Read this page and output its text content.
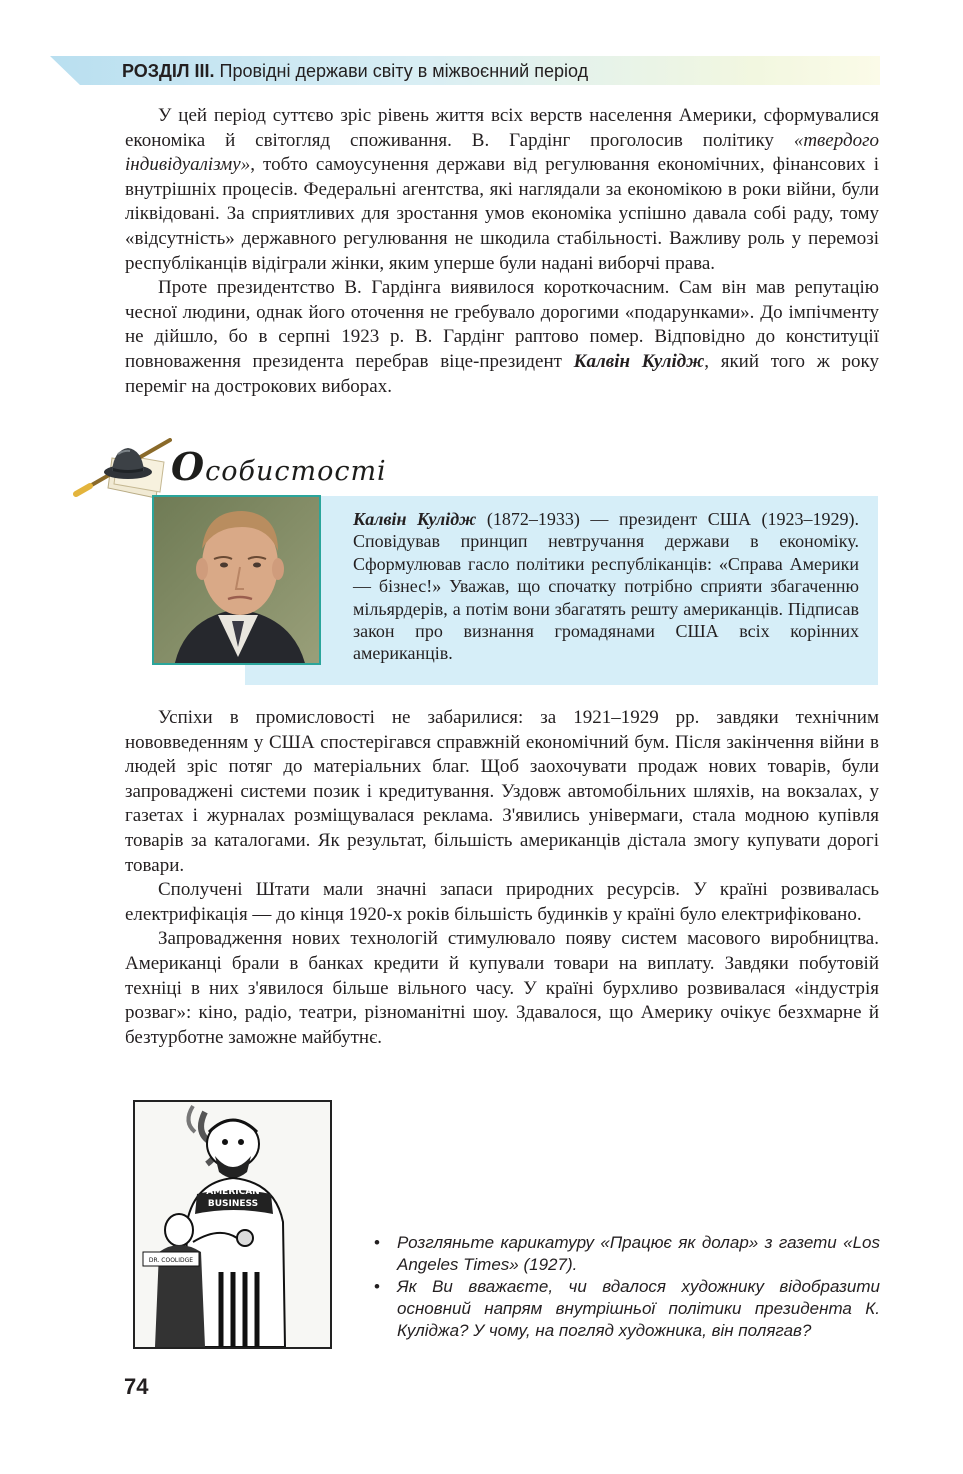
РОЗДІЛ III. Провідні держави світу в міжвоєнний період

У цей період суттєво зріс рівень життя всіх верств населення Америки, сформувалися економіка й світогляд споживання. В. Гардінг проголосив політику «твердого індивідуалізму», тобто самоусунення держави від регулювання економічних, фінансових і внутрішніх процесів. Федеральні агентства, які наглядали за економікою в роки війни, були ліквідовані. За сприятливих для зростання умов економіка успішно давала собі раду, тому «відсутність» державного регулювання не шкодила стабільності. Важливу роль у перемозі республіканців відіграли жінки, яким уперше були надані виборчі права.

Проте президентство В. Гардінга виявилося короткочасним. Сам він мав репутацію чесної людини, однак його оточення не гребувало дорогими «подарунками». До імпічменту не дійшло, бо в серпні 1923 р. В. Гардінг раптово помер. Відповідно до конституції повноваження президента перебрав віце-президент Калвін Кулідж, який того ж року переміг на дострокових виборах.

Особистості
Калвін Кулідж (1872–1933) — президент США (1923–1929). Сповідував принцип невтручання держави в економіку. Сформулював гасло політики республіканців: «Справа Америки — бізнес!» Уважав, що спочатку потрібно сприяти збагаченню мільярдерів, а потім вони збагатять решту американців. Підписав закон про визнання громадянами США всіх корінних американців.

Успіхи в промисловості не забарилися: за 1921–1929 рр. завдяки технічним нововведенням у США спостерігався справжній економічний бум. Після закінчення війни в людей зріс потяг до матеріальних благ. Щоб заохочувати продаж нових товарів, були запроваджені системи позик і кредитування. Уздовж автомобільних шляхів, на вокзалах, у газетах і журналах розміщувалася реклама. З'явились універмаги, стала модною купівля товарів за каталогами. Як результат, більшість американців дістала змогу купувати дорогі товари.

Сполучені Штати мали значні запаси природних ресурсів. У країні розвивалась електрифікація — до кінця 1920-х років більшість будинків у країні було електрифіковано.

Запровадження нових технологій стимулювало появу систем масового виробництва. Американці брали в банках кредити й купували товари на виплату. Завдяки побутовій техніці в них з'явилося більше вільного часу. У країні бурхливо розвивалася «індустрія розваг»: кіно, радіо, театри, різноманітні шоу. Здавалося, що Америку очікує безхмарне й безтурботне заможне майбутнє.

AMERICAN
BUSINESS
DR. COOLIDGE
• Розгляньте карикатуру «Працює як долар» з газети «Los Angeles Times» (1927).
• Як Ви вважаєте, чи вдалося художнику відобразити основний напрям внутрішньої політики президента К. Куліджа? У чому, на погляд художника, він полягав?
74
